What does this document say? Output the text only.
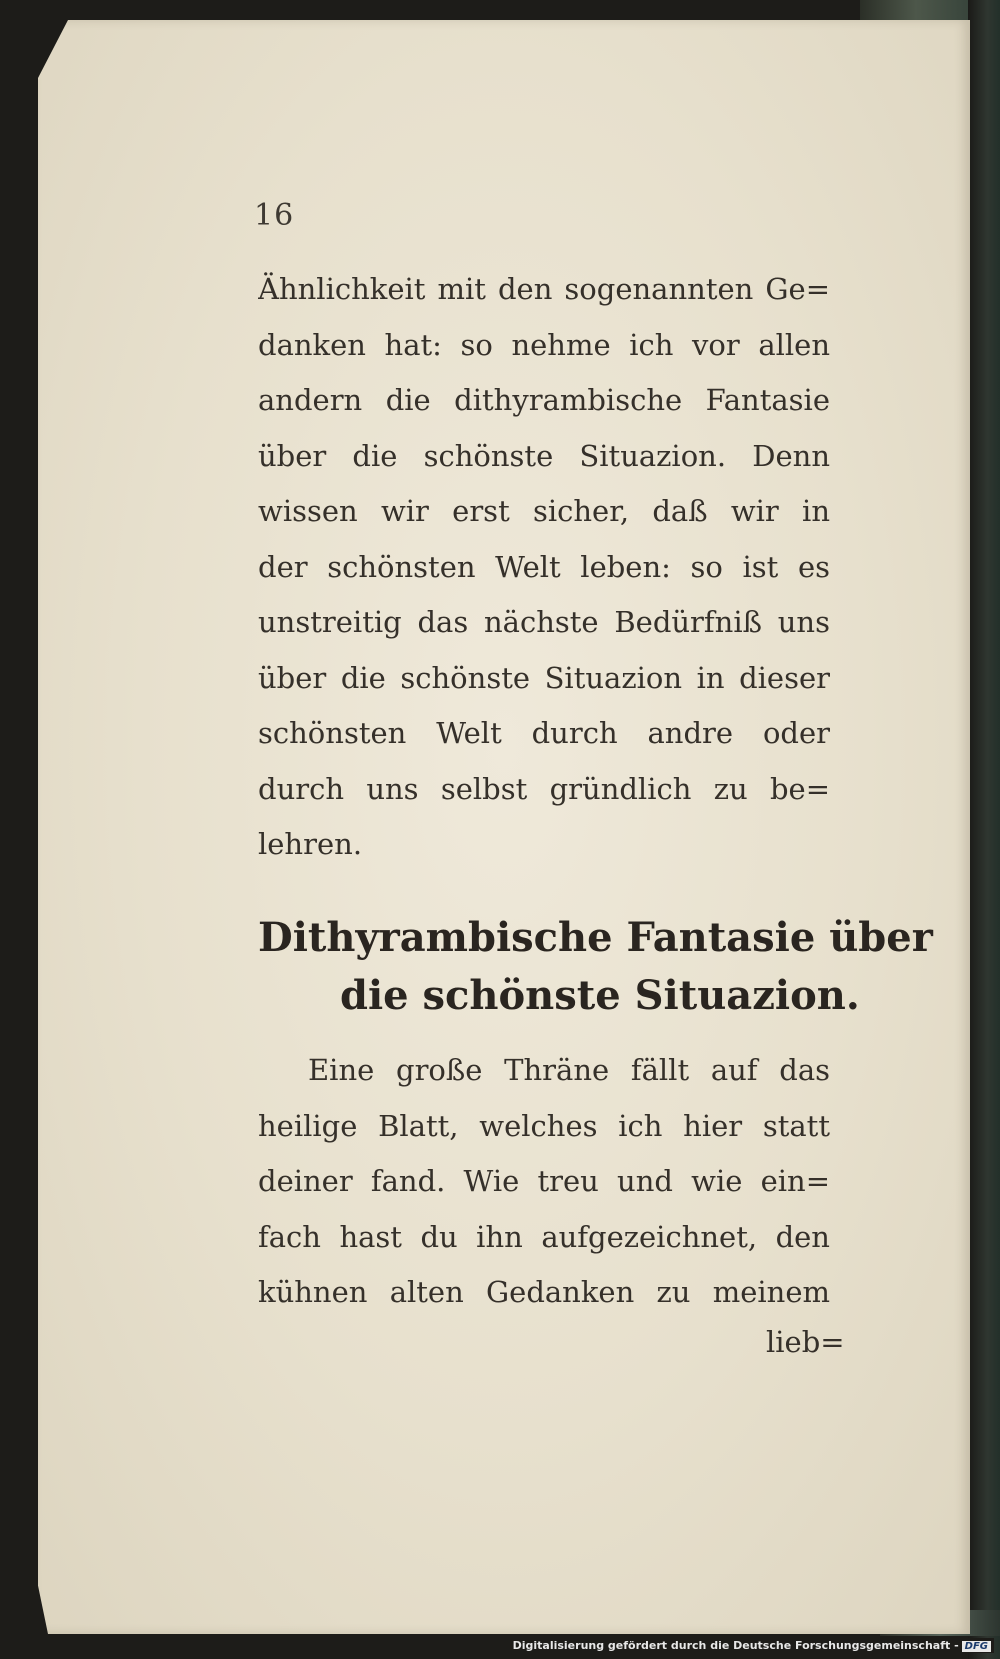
16
Ähnlichkeit mit den sogenannten Ge=
danken hat: so nehme ich vor allen
andern die dithyrambische Fantasie
über die schönste Situazion. Denn
wissen wir erst sicher, daß wir in
der schönsten Welt leben: so ist es
unstreitig das nächste Bedürfniß uns
über die schönste Situazion in dieser
schönsten Welt durch andre oder
durch uns selbst gründlich zu be=
lehren.
Dithyrambische Fantasie über
die schönste Situazion.
Eine große Thräne fällt auf das
heilige Blatt, welches ich hier statt
deiner fand. Wie treu und wie ein=
fach hast du ihn aufgezeichnet, den
kühnen alten Gedanken zu meinem
lieb=
Digitalisierung gefördert durch die Deutsche Forschungsgemeinschaft - DFG
